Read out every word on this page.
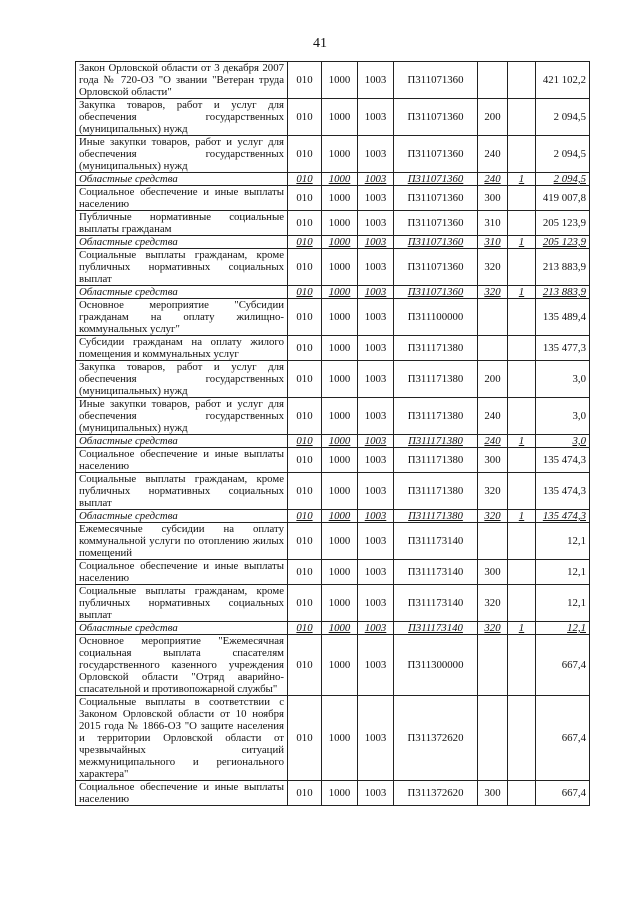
41
Закон Орловской области от 3 декабря 2007 года № 720-ОЗ "О звании "Ветеран труда Орловской области"	010	1000	1003	П311071360			421 102,2
Закупка товаров, работ и услуг для обеспечения государственных (муниципальных) нужд	010	1000	1003	П311071360	200		2 094,5
Иные закупки товаров, работ и услуг для обеспечения государственных (муниципальных) нужд	010	1000	1003	П311071360	240		2 094,5
Областные средства	010	1000	1003	П311071360	240	1	2 094,5
Социальное обеспечение и иные выплаты населению	010	1000	1003	П311071360	300		419 007,8
Публичные нормативные социальные выплаты гражданам	010	1000	1003	П311071360	310		205 123,9
Областные средства	010	1000	1003	П311071360	310	1	205 123,9
Социальные выплаты гражданам, кроме публичных нормативных социальных выплат	010	1000	1003	П311071360	320		213 883,9
Областные средства	010	1000	1003	П311071360	320	1	213 883,9
Основное мероприятие "Субсидии гражданам на оплату жилищно-коммунальных услуг"	010	1000	1003	П311100000			135 489,4
Субсидии гражданам на оплату жилого помещения и коммунальных услуг	010	1000	1003	П311171380			135 477,3
Закупка товаров, работ и услуг для обеспечения государственных (муниципальных) нужд	010	1000	1003	П311171380	200		3,0
Иные закупки товаров, работ и услуг для обеспечения государственных (муниципальных) нужд	010	1000	1003	П311171380	240		3,0
Областные средства	010	1000	1003	П311171380	240	1	3,0
Социальное обеспечение и иные выплаты населению	010	1000	1003	П311171380	300		135 474,3
Социальные выплаты гражданам, кроме публичных нормативных социальных выплат	010	1000	1003	П311171380	320		135 474,3
Областные средства	010	1000	1003	П311171380	320	1	135 474,3
Ежемесячные субсидии на оплату коммунальной услуги по отоплению жилых помещений	010	1000	1003	П311173140			12,1
Социальное обеспечение и иные выплаты населению	010	1000	1003	П311173140	300		12,1
Социальные выплаты гражданам, кроме публичных нормативных социальных выплат	010	1000	1003	П311173140	320		12,1
Областные средства	010	1000	1003	П311173140	320	1	12,1
Основное мероприятие "Ежемесячная социальная выплата спасателям государственного казенного учреждения Орловской области "Отряд аварийно-спасательной и противопожарной службы"	010	1000	1003	П311300000			667,4
Социальные выплаты в соответствии с Законом Орловской области от 10 ноября 2015 года № 1866-ОЗ "О защите населения и территории Орловской области от чрезвычайных ситуаций межмуниципального и регионального характера"	010	1000	1003	П311372620			667,4
Социальное обеспечение и иные выплаты населению	010	1000	1003	П311372620	300		667,4
